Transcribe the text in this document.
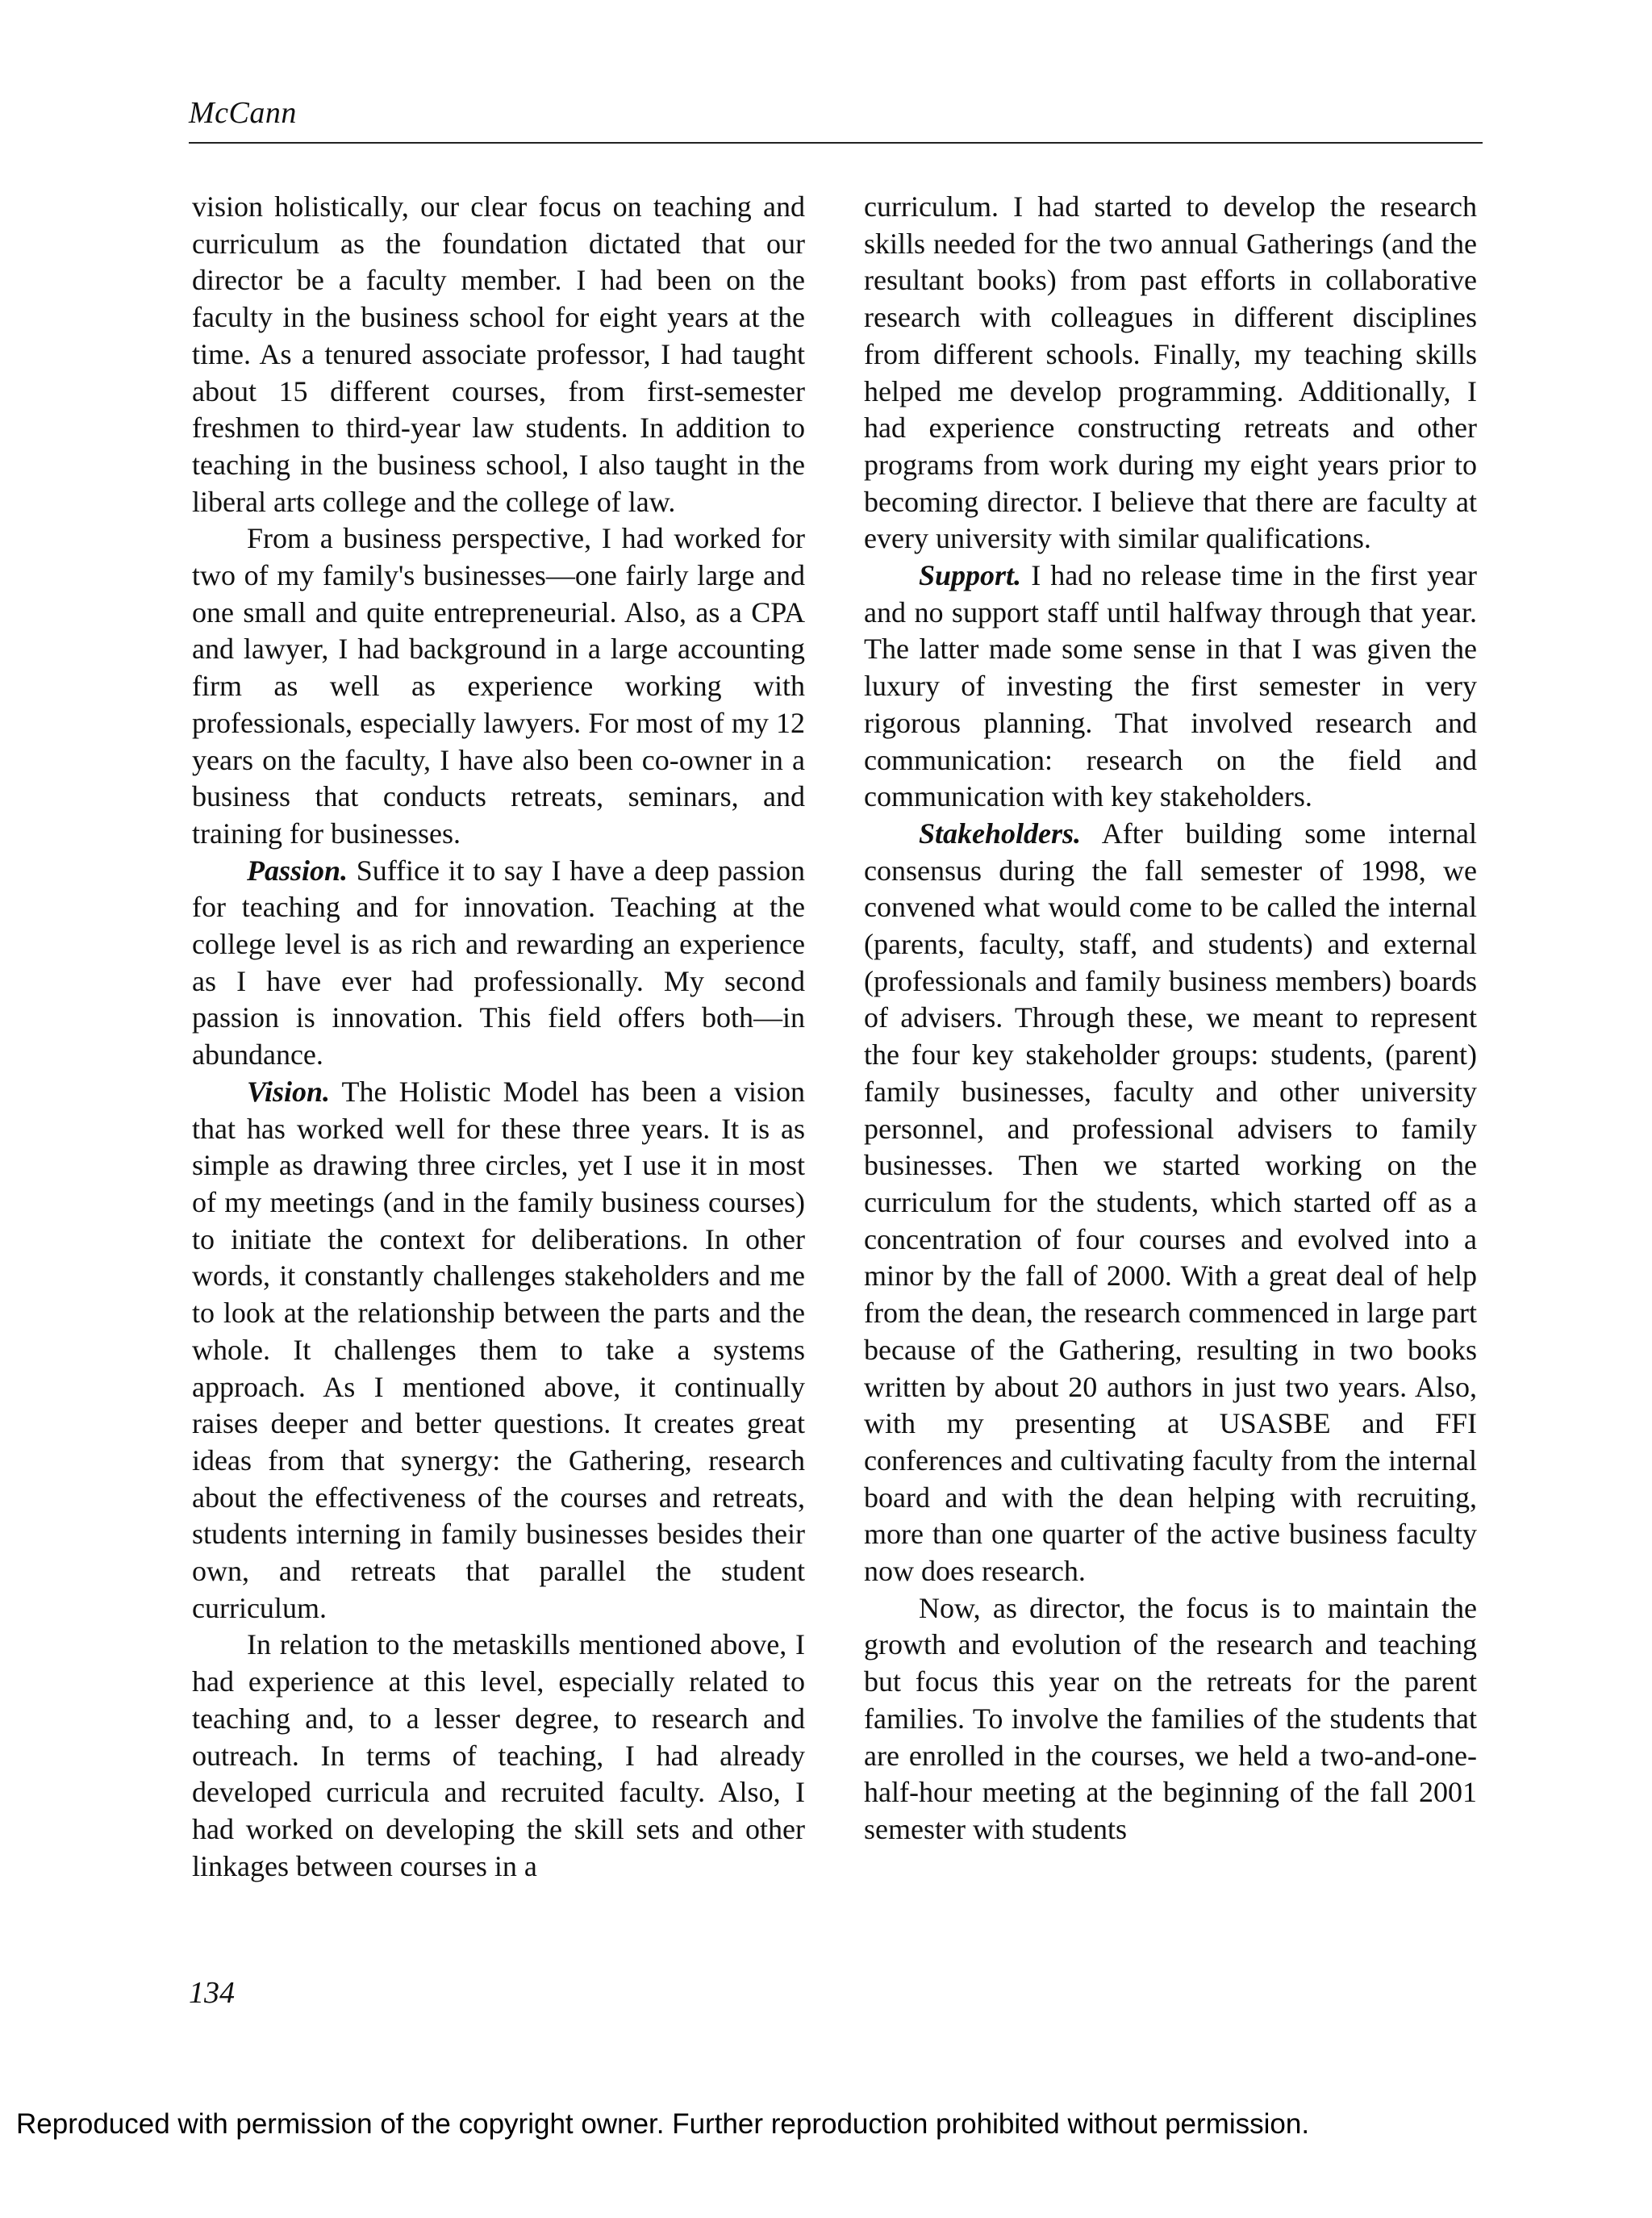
McCann

vision holistically, our clear focus on teaching and curriculum as the foundation dictated that our director be a faculty member. I had been on the faculty in the business school for eight years at the time. As a tenured associate professor, I had taught about 15 different courses, from first-semester freshmen to third-year law students. In addition to teaching in the business school, I also taught in the liberal arts college and the college of law.

From a business perspective, I had worked for two of my family's businesses—one fairly large and one small and quite entrepreneurial. Also, as a CPA and lawyer, I had background in a large accounting firm as well as experience working with professionals, especially lawyers. For most of my 12 years on the faculty, I have also been co-owner in a business that conducts retreats, seminars, and training for businesses.

Passion. Suffice it to say I have a deep passion for teaching and for innovation. Teaching at the college level is as rich and rewarding an experience as I have ever had professionally. My second passion is innovation. This field offers both—in abundance.

Vision. The Holistic Model has been a vision that has worked well for these three years. It is as simple as drawing three circles, yet I use it in most of my meetings (and in the family business courses) to initiate the context for deliberations. In other words, it constantly challenges stakeholders and me to look at the relationship between the parts and the whole. It challenges them to take a systems approach. As I mentioned above, it continually raises deeper and better questions. It creates great ideas from that synergy: the Gathering, research about the effectiveness of the courses and retreats, students interning in family businesses besides their own, and retreats that parallel the student curriculum.

In relation to the metaskills mentioned above, I had experience at this level, especially related to teaching and, to a lesser degree, to research and outreach. In terms of teaching, I had already developed curricula and recruited faculty. Also, I had worked on developing the skill sets and other linkages between courses in a

curriculum. I had started to develop the research skills needed for the two annual Gatherings (and the resultant books) from past efforts in collaborative research with colleagues in different disciplines from different schools. Finally, my teaching skills helped me develop programming. Additionally, I had experience constructing retreats and other programs from work during my eight years prior to becoming director. I believe that there are faculty at every university with similar qualifications.

Support. I had no release time in the first year and no support staff until halfway through that year. The latter made some sense in that I was given the luxury of investing the first semester in very rigorous planning. That involved research and communication: research on the field and communication with key stakeholders.

Stakeholders. After building some internal consensus during the fall semester of 1998, we convened what would come to be called the internal (parents, faculty, staff, and students) and external (professionals and family business members) boards of advisers. Through these, we meant to represent the four key stakeholder groups: students, (parent) family businesses, faculty and other university personnel, and professional advisers to family businesses. Then we started working on the curriculum for the students, which started off as a concentration of four courses and evolved into a minor by the fall of 2000. With a great deal of help from the dean, the research commenced in large part because of the Gathering, resulting in two books written by about 20 authors in just two years. Also, with my presenting at USASBE and FFI conferences and cultivating faculty from the internal board and with the dean helping with recruiting, more than one quarter of the active business faculty now does research.

Now, as director, the focus is to maintain the growth and evolution of the research and teaching but focus this year on the retreats for the parent families. To involve the families of the students that are enrolled in the courses, we held a two-and-one-half-hour meeting at the beginning of the fall 2001 semester with students

134
Reproduced with permission of the copyright owner. Further reproduction prohibited without permission.
